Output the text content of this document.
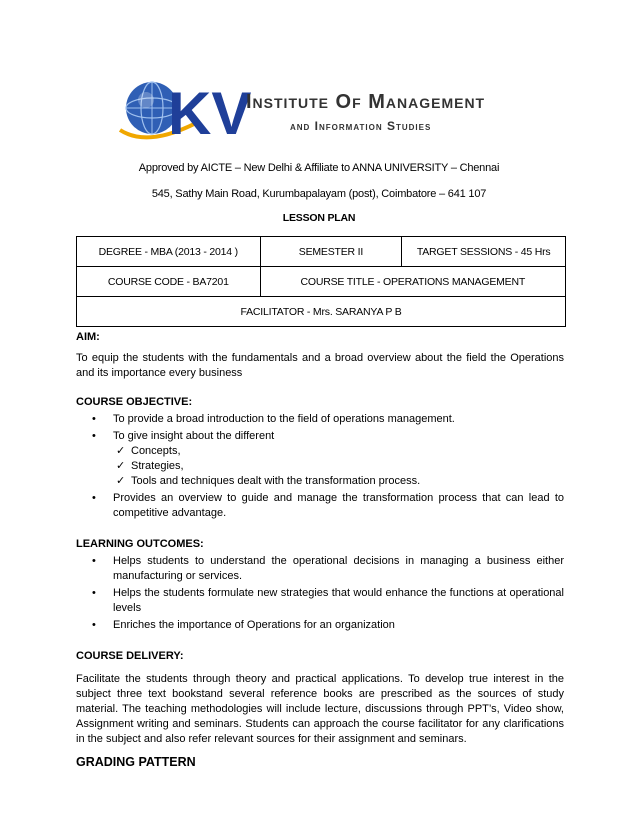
KV
Institute Of Management
and Information Studies
Approved by AICTE – New Delhi & Affiliate to ANNA UNIVERSITY – Chennai
545, Sathy Main Road, Kurumbapalayam (post), Coimbatore – 641 107
LESSON PLAN
DEGREE - MBA (2013 - 2014 )	SEMESTER II	TARGET SESSIONS - 45 Hrs
COURSE CODE - BA7201	COURSE TITLE - OPERATIONS MANAGEMENT	
FACILITATOR - Mrs. SARANYA P B		

AIM:

To equip the students with the fundamentals and a broad overview about the field the Operations and its importance every business

COURSE OBJECTIVE:

• To provide a broad introduction to the field of operations management.
• To give insight about the different
✓ Concepts,
✓ Strategies,
✓ Tools and techniques dealt with the transformation process.
• Provides an overview to guide and manage the transformation process that can lead to competitive advantage.

LEARNING OUTCOMES:

• Helps students to understand the operational decisions in managing a business either manufacturing or services.
• Helps the students formulate new strategies that would enhance the functions at operational levels
• Enriches the importance of Operations for an organization

COURSE DELIVERY:

Facilitate the students through theory and practical applications. To develop true interest in the subject three text bookstand several reference books are prescribed as the sources of study material. The teaching methodologies will include lecture, discussions through PPT’s, Video show, Assignment writing and seminars. Students can approach the course facilitator for any clarifications in the subject and also refer relevant sources for their assignment and seminars.

GRADING PATTERN
